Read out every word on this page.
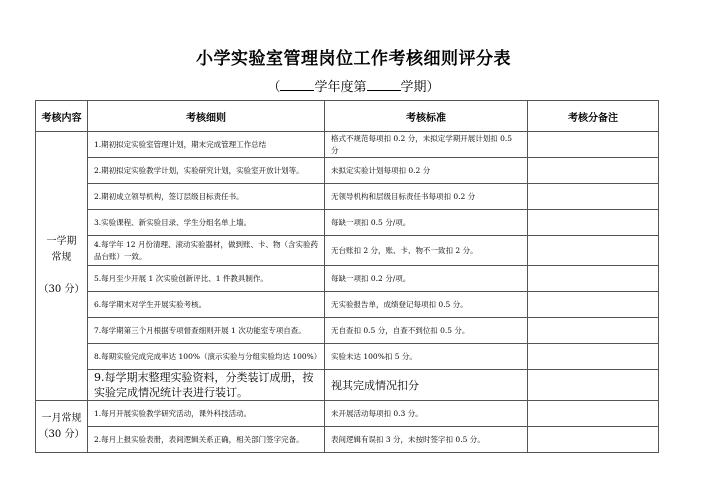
小学实验室管理岗位工作考核细则评分表
（	学年度第	学期）
考核内容	考核细则	考核标准	考核分备注

一学期
常规
（30 分）	1.期初拟定实验室管理计划，期末完成管理工作总结	格式不规范每项扣 0.2 分，未拟定学期开展计划扣 0.5 分	
	2.期初拟定实验教学计划，实验研究计划，实验室开放计划等。	未拟定实验计划每项扣 0.2 分	
	2.期初成立领导机构，签订层级目标责任书。	无领导机构和层级目标责任书每项扣 0.2 分	
	3.实验课程、新实验目录、学生分组名单上墙。	每缺一项扣 0.5 分/项。	
	4.每学年 12 月份清理、滚动实验器材，做到账、卡、物（含实验药品台账）一致。	无台账扣 2 分，账、卡、物不一致扣 2 分。	
	5.每月至少开展 1 次实验创新评比、1 件教具制作。	每缺一项扣 0.2 分/项。	
	6.每学期末对学生开展实验考核。	无实验报告单，成绩登记每项扣 0.5 分。	
	7.每学期第三个月根据专项督查细则开展 1 次功能室专项自查。	无自查扣 0.5 分，自查不到位扣 0.5 分。	
	8.每期实验完成完成率达 100%（演示实验与分组实验均达 100%）	实验未达 100%扣 5 分。	
	9.每学期末整理实验资料，分类装订成册，按实验完成情况统计表进行装订。	视其完成情况扣分	

一月常规
（30 分）	1.每月开展实验教学研究活动，课外科技活动。	未开展活动每项扣 0.3 分。	
	2.每月上报实验表册，表间逻辑关系正确，相关部门签字完备。	表间逻辑有误扣 3 分，未按时签字扣 0.5 分。	
